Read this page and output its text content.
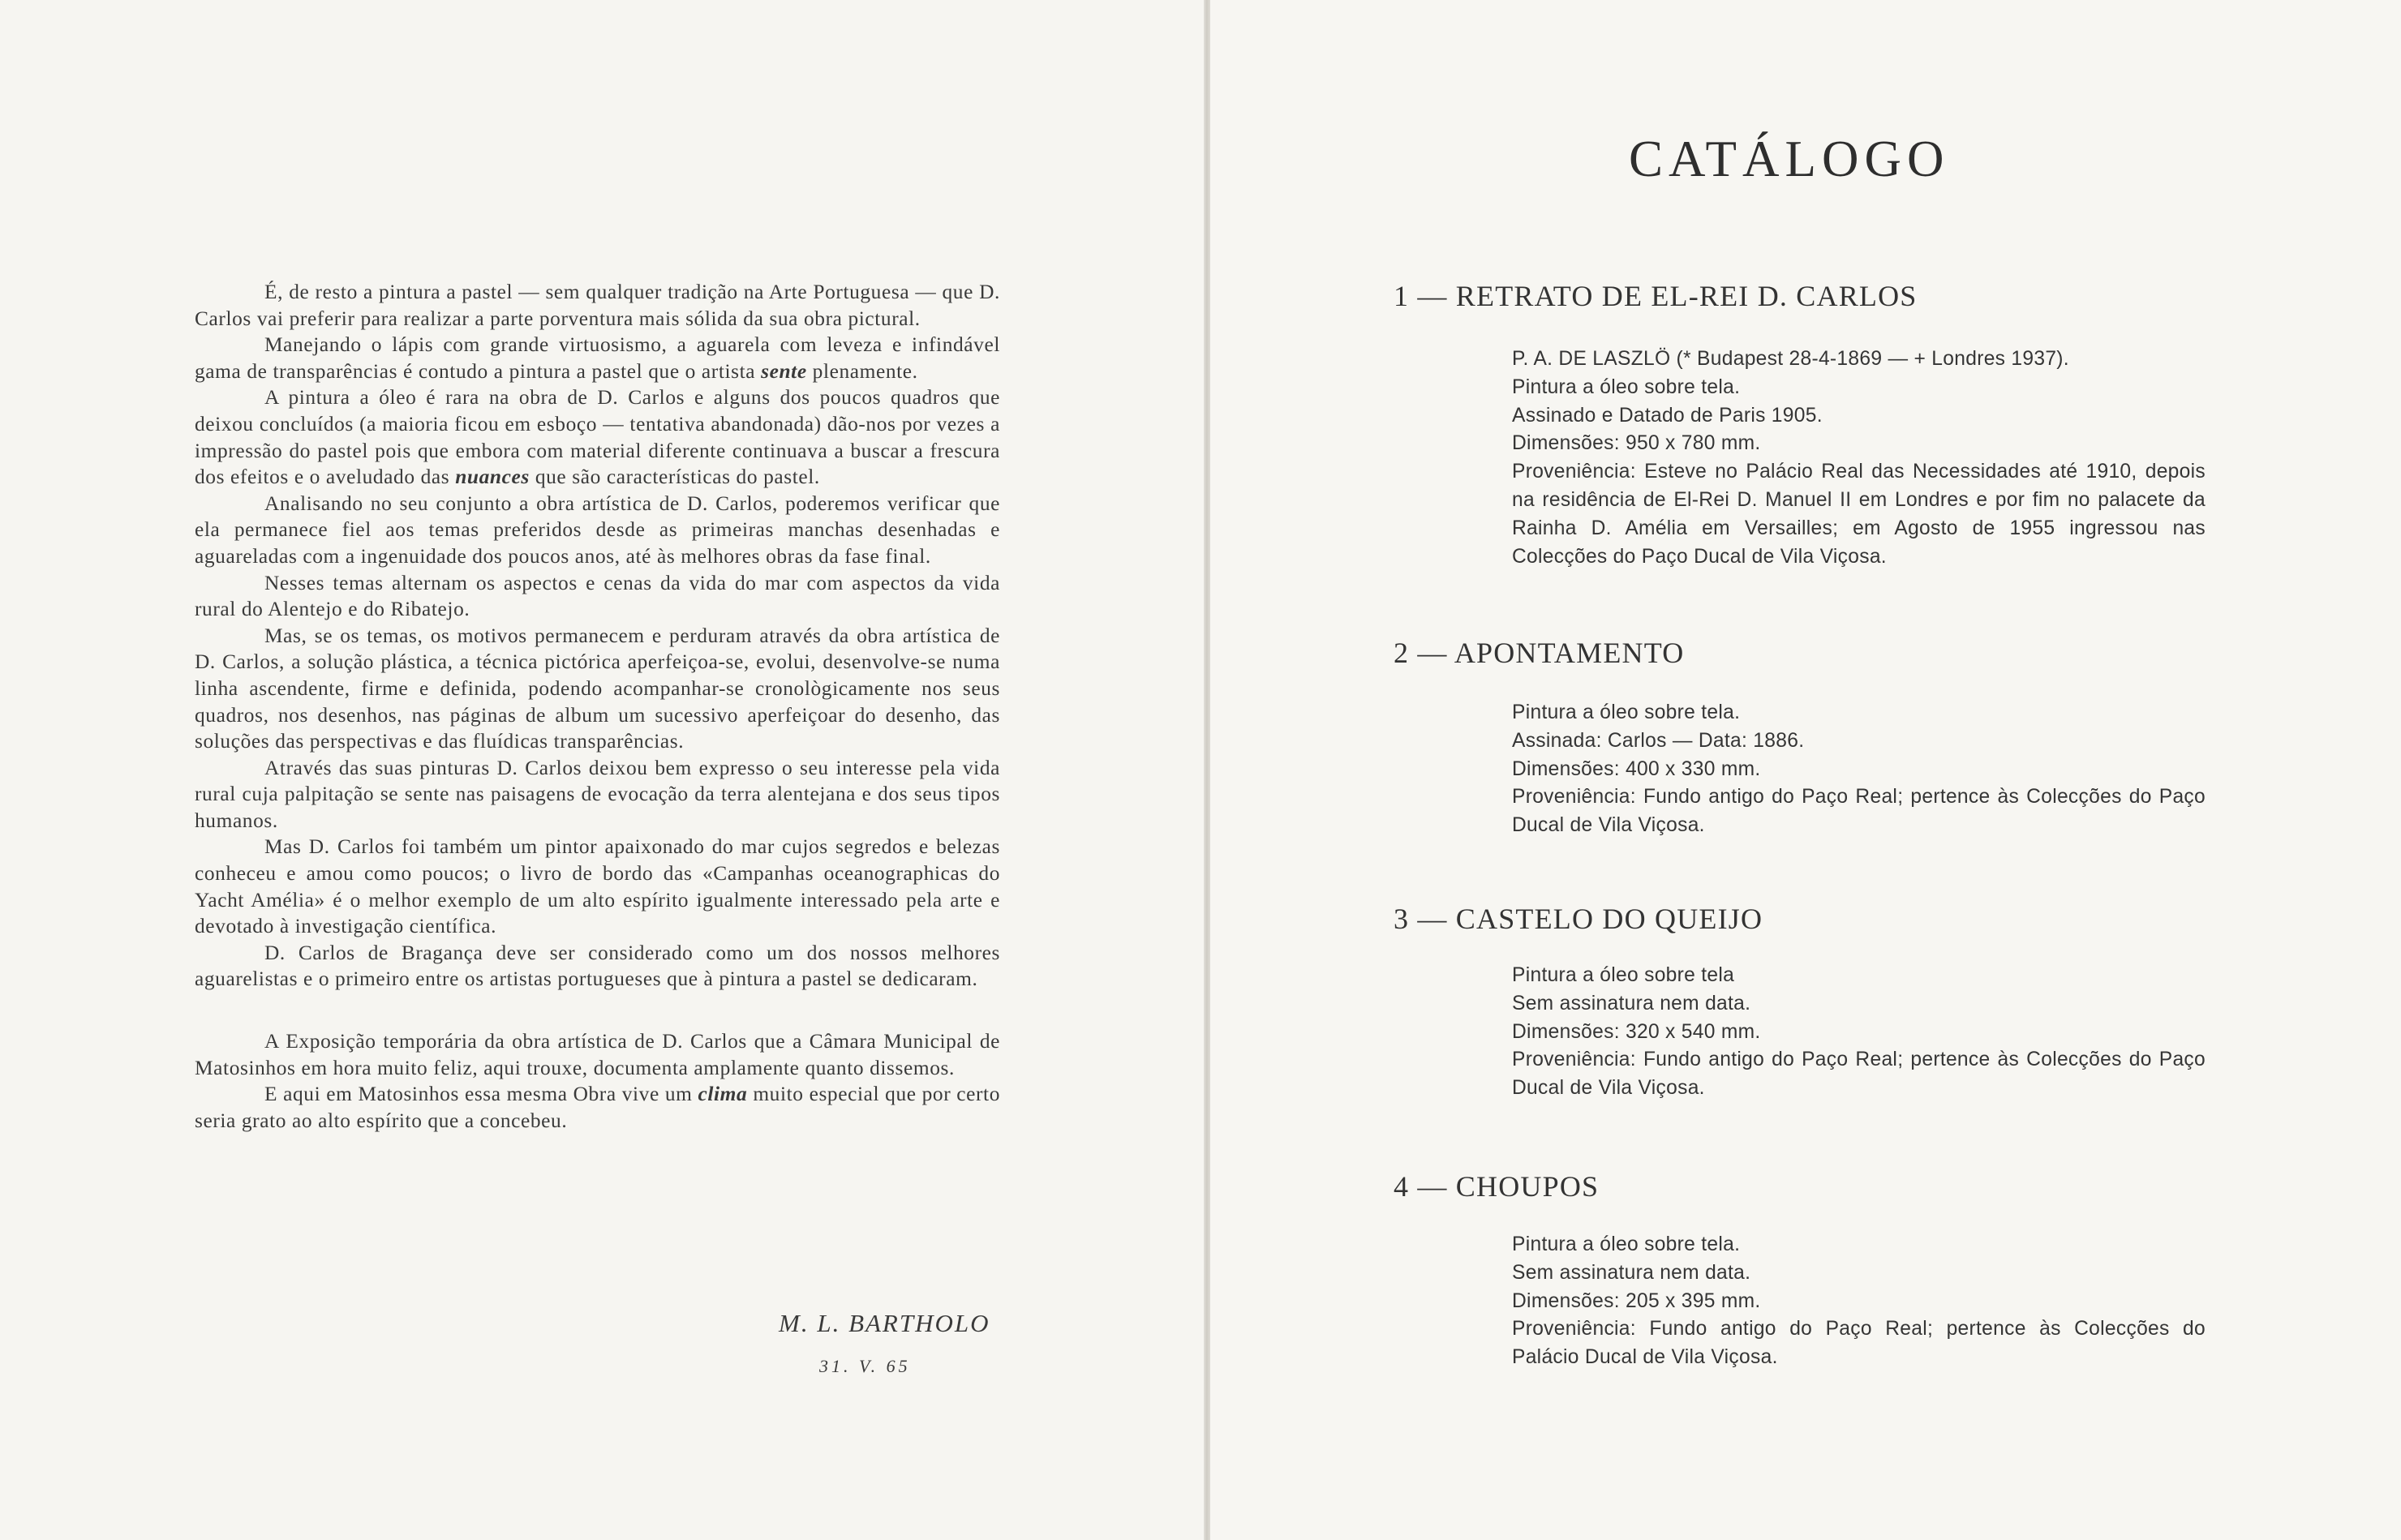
É, de resto a pintura a pastel — sem qualquer tradição na Arte Portuguesa — que D. Carlos vai preferir para realizar a parte porventura mais sólida da sua obra pictural.

Manejando o lápis com grande virtuosismo, a aguarela com leveza e infindável gama de transparências é contudo a pintura a pastel que o artista sente plenamente.

A pintura a óleo é rara na obra de D. Carlos e alguns dos poucos quadros que deixou concluídos (a maioria ficou em esboço — tentativa abandonada) dão-nos por vezes a impressão do pastel pois que embora com material diferente continuava a buscar a frescura dos efeitos e o aveludado das nuances que são características do pastel.

Analisando no seu conjunto a obra artística de D. Carlos, poderemos verificar que ela permanece fiel aos temas preferidos desde as primeiras manchas desenhadas e aguareladas com a ingenuidade dos poucos anos, até às melhores obras da fase final.

Nesses temas alternam os aspectos e cenas da vida do mar com aspectos da vida rural do Alentejo e do Ribatejo.

Mas, se os temas, os motivos permanecem e perduram através da obra artística de D. Carlos, a solução plástica, a técnica pictórica aperfeiçoa-se, evolui, desenvolve-se numa linha ascendente, firme e definida, podendo acompanhar-se cronològicamente nos seus quadros, nos desenhos, nas páginas de album um sucessivo aperfeiçoar do desenho, das soluções das perspectivas e das fluídicas transparências.

Através das suas pinturas D. Carlos deixou bem expresso o seu interesse pela vida rural cuja palpitação se sente nas paisagens de evocação da terra alentejana e dos seus tipos humanos.

Mas D. Carlos foi também um pintor apaixonado do mar cujos segredos e belezas conheceu e amou como poucos; o livro de bordo das «Campanhas oceanographicas do Yacht Amélia» é o melhor exemplo de um alto espírito igualmente interessado pela arte e devotado à investigação científica.

D. Carlos de Bragança deve ser considerado como um dos nossos melhores aguarelistas e o primeiro entre os artistas portugueses que à pintura a pastel se dedicaram.

A Exposição temporária da obra artística de D. Carlos que a Câmara Municipal de Matosinhos em hora muito feliz, aqui trouxe, documenta amplamente quanto dissemos.

E aqui em Matosinhos essa mesma Obra vive um clima muito especial que por certo seria grato ao alto espírito que a concebeu.

M. L. BARTHOLO
31. V. 65
CATÁLOGO
1 — RETRATO DE EL-REI D. CARLOS
P. A. DE LASZLÖ (* Budapest 28-4-1869 — + Londres 1937).
Pintura a óleo sobre tela.
Assinado e Datado de Paris 1905.
Dimensões: 950 x 780 mm.
Proveniência: Esteve no Palácio Real das Necessidades até 1910, depois na residência de El-Rei D. Manuel II em Londres e por fim no palacete da Rainha D. Amélia em Versailles; em Agosto de 1955 ingressou nas Colecções do Paço Ducal de Vila Viçosa.
2 — APONTAMENTO
Pintura a óleo sobre tela.
Assinada: Carlos — Data: 1886.
Dimensões: 400 x 330 mm.
Proveniência: Fundo antigo do Paço Real; pertence às Colecções do Paço Ducal de Vila Viçosa.
3 — CASTELO DO QUEIJO
Pintura a óleo sobre tela
Sem assinatura nem data.
Dimensões: 320 x 540 mm.
Proveniência: Fundo antigo do Paço Real; pertence às Colecções do Paço Ducal de Vila Viçosa.
4 — CHOUPOS
Pintura a óleo sobre tela.
Sem assinatura nem data.
Dimensões: 205 x 395 mm.
Proveniência: Fundo antigo do Paço Real; pertence às Colecções do Palácio Ducal de Vila Viçosa.
